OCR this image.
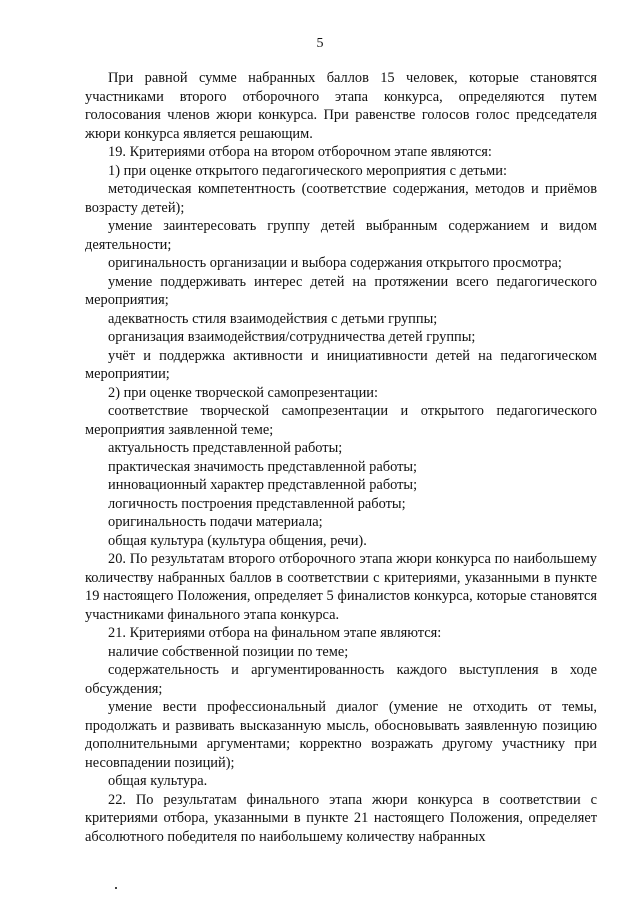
5

При равной сумме набранных баллов 15 человек, которые становятся участниками второго отборочного этапа конкурса, определяются путем голосования членов жюри конкурса. При равенстве голосов голос председателя жюри конкурса является решающим.

19. Критериями отбора на втором отборочном этапе являются:

1) при оценке открытого педагогического мероприятия с детьми:

методическая компетентность (соответствие содержания, методов и приёмов возрасту детей);

умение заинтересовать группу детей выбранным содержанием и видом деятельности;

оригинальность организации и выбора содержания открытого просмотра;

умение поддерживать интерес детей на протяжении всего педагогического мероприятия;

адекватность стиля взаимодействия с детьми группы;

организация взаимодействия/сотрудничества детей группы;

учёт и поддержка активности и инициативности детей на педагогическом мероприятии;

2) при оценке творческой самопрезентации:

соответствие творческой самопрезентации и открытого педагогического мероприятия заявленной теме;

актуальность представленной работы;

практическая значимость представленной работы;

инновационный характер представленной работы;

логичность построения представленной работы;

оригинальность подачи материала;

общая культура (культура общения, речи).

20. По результатам второго отборочного этапа жюри конкурса по наибольшему количеству набранных баллов в соответствии с критериями, указанными в пункте 19 настоящего Положения, определяет 5 финалистов конкурса, которые становятся участниками финального этапа конкурса.

21. Критериями отбора на финальном этапе являются:

наличие собственной позиции по теме;

содержательность и аргументированность каждого выступления в ходе обсуждения;

умение вести профессиональный диалог (умение не отходить от темы, продолжать и развивать высказанную мысль, обосновывать заявленную позицию дополнительными аргументами; корректно возражать другому участнику при несовпадении позиций);

общая культура.

22. По результатам финального этапа жюри конкурса в соответствии с критериями отбора, указанными в пункте 21 настоящего Положения, определяет абсолютного победителя по наибольшему количеству набранных
